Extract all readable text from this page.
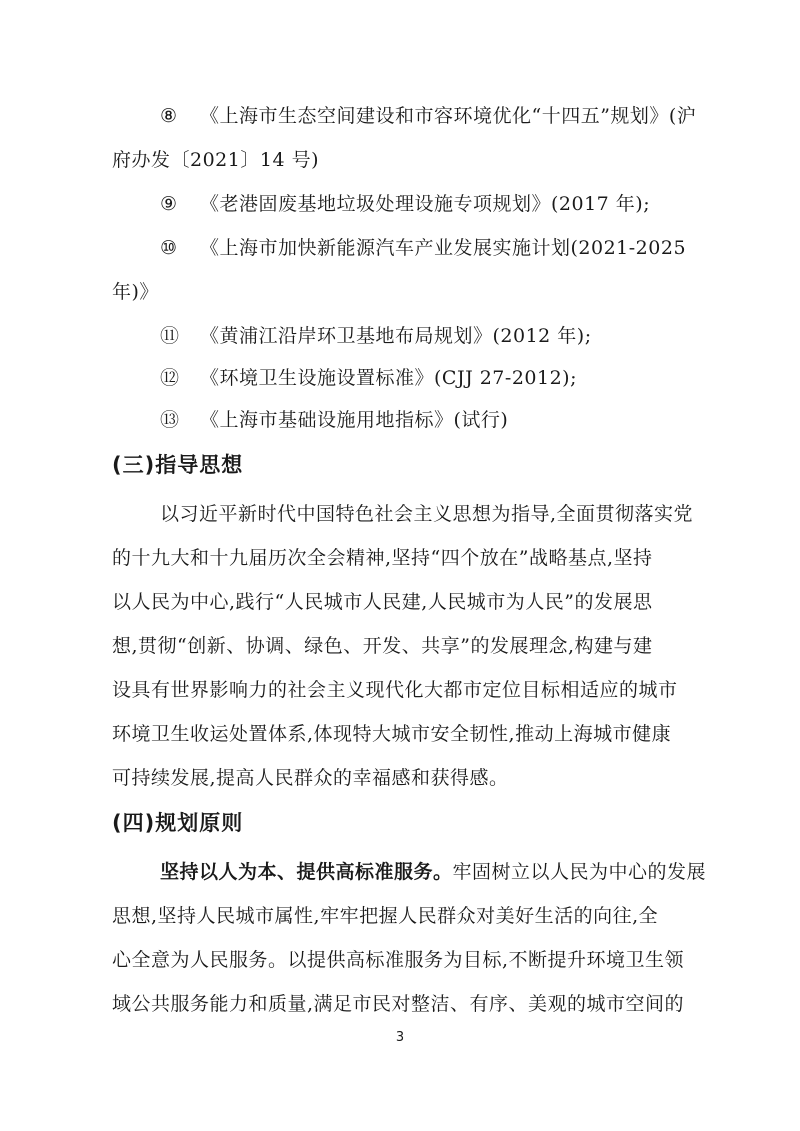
⑧ 《上海市生态空间建设和市容环境优化“十四五”规划》(沪
府办发〔2021〕14 号)
⑨ 《老港固废基地垃圾处理设施专项规划》(2017 年);
⑩ 《上海市加快新能源汽车产业发展实施计划(2021-2025
年)》
⑪ 《黄浦江沿岸环卫基地布局规划》(2012 年);
⑫ 《环境卫生设施设置标准》(CJJ 27-2012);
⑬ 《上海市基础设施用地指标》(试行)
(三)指导思想
以习近平新时代中国特色社会主义思想为指导,全面贯彻落实党
的十九大和十九届历次全会精神,坚持“四个放在”战略基点,坚持
以人民为中心,践行“人民城市人民建,人民城市为人民”的发展思
想,贯彻“创新、协调、绿色、开发、共享”的发展理念,构建与建
设具有世界影响力的社会主义现代化大都市定位目标相适应的城市
环境卫生收运处置体系,体现特大城市安全韧性,推动上海城市健康
可持续发展,提高人民群众的幸福感和获得感。
(四)规划原则
坚持以人为本、提供高标准服务。牢固树立以人民为中心的发展
思想,坚持人民城市属性,牢牢把握人民群众对美好生活的向往,全
心全意为人民服务。以提供高标准服务为目标,不断提升环境卫生领
域公共服务能力和质量,满足市民对整洁、有序、美观的城市空间的
3
